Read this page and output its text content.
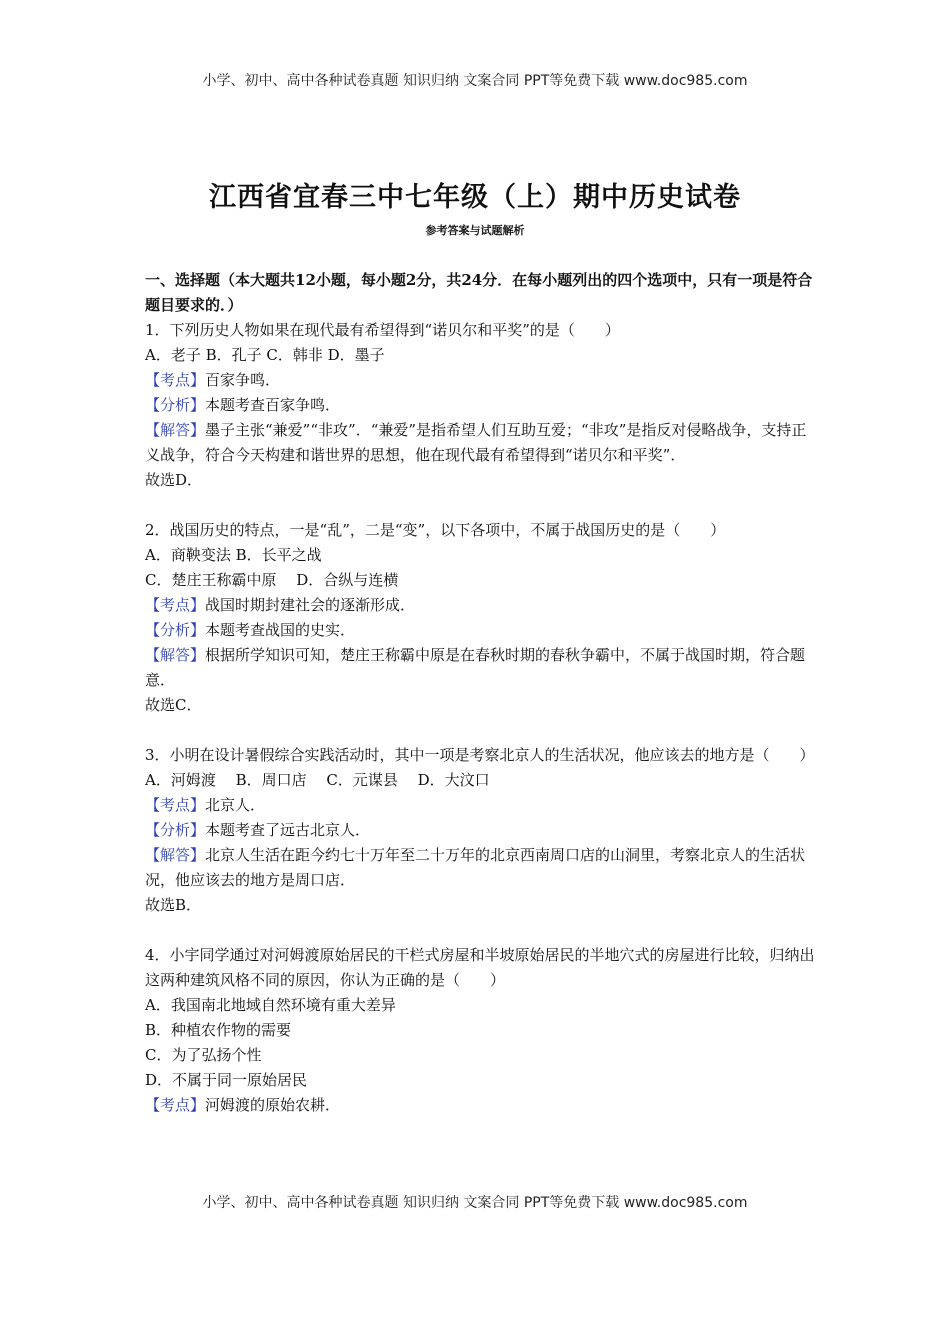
小学、初中、高中各种试卷真题 知识归纳 文案合同 PPT等免费下载 www.doc985.com
江西省宜春三中七年级（上）期中历史试卷
参考答案与试题解析
一、选择题（本大题共12小题，每小题2分，共24分．在每小题列出的四个选项中，只有一项是符合题目要求的．）
1．下列历史人物如果在现代最有希望得到“诺贝尔和平奖”的是（　　）
A．老子 B．孔子 C．韩非 D．墨子
【考点】百家争鸣．
【分析】本题考查百家争鸣．
【解答】墨子主张“兼爱”“非攻”．“兼爱”是指希望人们互助互爱；“非攻”是指反对侵略战争，支持正义战争，符合今天构建和谐世界的思想，他在现代最有希望得到“诺贝尔和平奖”．
故选D．
2．战国历史的特点，一是“乱”，二是“变”，以下各项中，不属于战国历史的是（　　）
A．商鞅变法 B．长平之战
C．楚庄王称霸中原　 D．合纵与连横
【考点】战国时期封建社会的逐渐形成．
【分析】本题考查战国的史实．
【解答】根据所学知识可知，楚庄王称霸中原是在春秋时期的春秋争霸中，不属于战国时期，符合题意．
故选C．
3．小明在设计暑假综合实践活动时，其中一项是考察北京人的生活状况，他应该去的地方是（　　）
A．河姆渡　 B．周口店　 C．元谋县　 D．大汶口
【考点】北京人．
【分析】本题考查了远古北京人．
【解答】北京人生活在距今约七十万年至二十万年的北京西南周口店的山洞里，考察北京人的生活状况，他应该去的地方是周口店．
故选B．
4．小宇同学通过对河姆渡原始居民的干栏式房屋和半坡原始居民的半地穴式的房屋进行比较，归纳出这两种建筑风格不同的原因，你认为正确的是（　　）
A．我国南北地域自然环境有重大差异
B．种植农作物的需要
C．为了弘扬个性
D．不属于同一原始居民
【考点】河姆渡的原始农耕．
小学、初中、高中各种试卷真题 知识归纳 文案合同 PPT等免费下载 www.doc985.com
